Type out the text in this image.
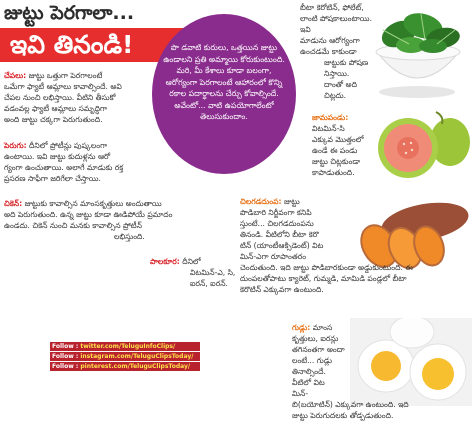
జుట్టు పెరగాలా...
ఇవి తినండి!	పొ డవాటి కురులు, ఒత్తయిన జుట్టు ఉండాలని ప్రతి అమ్మాయి కోరుకుంటుంది. మరి, మీ కేశాలు కూడా బలంగా, ఆరోగ్యంగా పెరగాలంటే ఆహారంలో కొన్ని రకాల పదార్థాలను చేర్చు కోవాల్సిందే. అవేంటో... వాటి ఉపయోగాలేంటో తెలుసుకుందాం.
బీటా కెరోటిన్, ఫోలేట్,
లాంటి పోషకాలుంటాయి. ఇవి
మాడును ఆరోగ్యంగా
ఉంచడమే కాకుండా
జుట్టుకు పోషణ
నిస్తాయి.
దాంతో అది
చిట్లదు.
చేపలు: జుట్టు ఒత్తుగా పెరగాలంటే
ఒమేగా ఫ్యాటీ ఆమ్లాలు కావాల్సిందే. అవి
చేపల నుంచి లభిస్తాయి. వీటిని తీసుకో
వడంవల్ల ఫ్యాటీ ఆమ్లాలు సమృద్ధిగా
అంది జుట్టు చక్కగా పెరుగుతుంది.
పెరుగు: దీనిలో ప్రోటీన్లు పుష్కలంగా
ఉంటాయి. ఇవి జుట్టు కుదుళ్లను ఆరో
గ్యంగా ఉంచుతాయి. అలాగే మాడుకు రక్త
ప్రసరణ సాఫీగా జరిగేలా చేస్తాయి.
జామపండు:
విటమిన్-సి
ఎక్కువ మొత్తంలో
ఉండే ఈ పండు
జుట్టు చిట్లకుండా
కాపాడుతుంది.
చికెన్: జుట్టుకు కావాల్సిన మాంసకృత్తులు అందుతాయి
అది పెరుగుతుంది. ఉన్న జుట్టు కూడా ఊడిపోయే ప్రమాదం
ఉండదు. చికెన్ నుంచి మనకు కావాల్సిన ప్రోటీన్
లభిస్తుంది.
చిలగడదుంప: జుట్టు
పొడిబారి నిర్జీవంగా కనిపి
స్తుంటే... చిలగడదుంపను
తినండి. వీటిలోని బీటా కెరొ
టిన్ (యాంటీఆక్సిడెంట్) విట
మిన్-ఎగా రూపాంతరం
చెందుతుంది. ఇది జుట్టు పొడిబారకుండా అడ్డుకుంటుంది. ఈ
దుంపలతోపాటు క్యారెట్, గుమ్మడి, మామిడి పండ్లలో బీటా
కెరొటిన్ ఎక్కువగా ఉంటుంది.
పాలకూర: దీనిలో
విటమిన్-ఎ, సి,
ఐరన్, ఐరన్.
గుడ్లు: మాంస
కృత్తులు, ఐరన్లు
తగినంతగా అందా
లంటే... గుడ్లు
తినాల్సిందే.
వీటిలో విట
మిన్-
బి(బయోటిన్) ఎక్కువగా ఉంటుంది. ఇది
జుట్టు పెరుగుదలకు తోడ్పడుతుంది.
Follow : twitter.com/TeluguInfoClips/
Follow : instagram.com/TeluguClipsToday/
Follow : pinterest.com/TeluguClipsToday/
